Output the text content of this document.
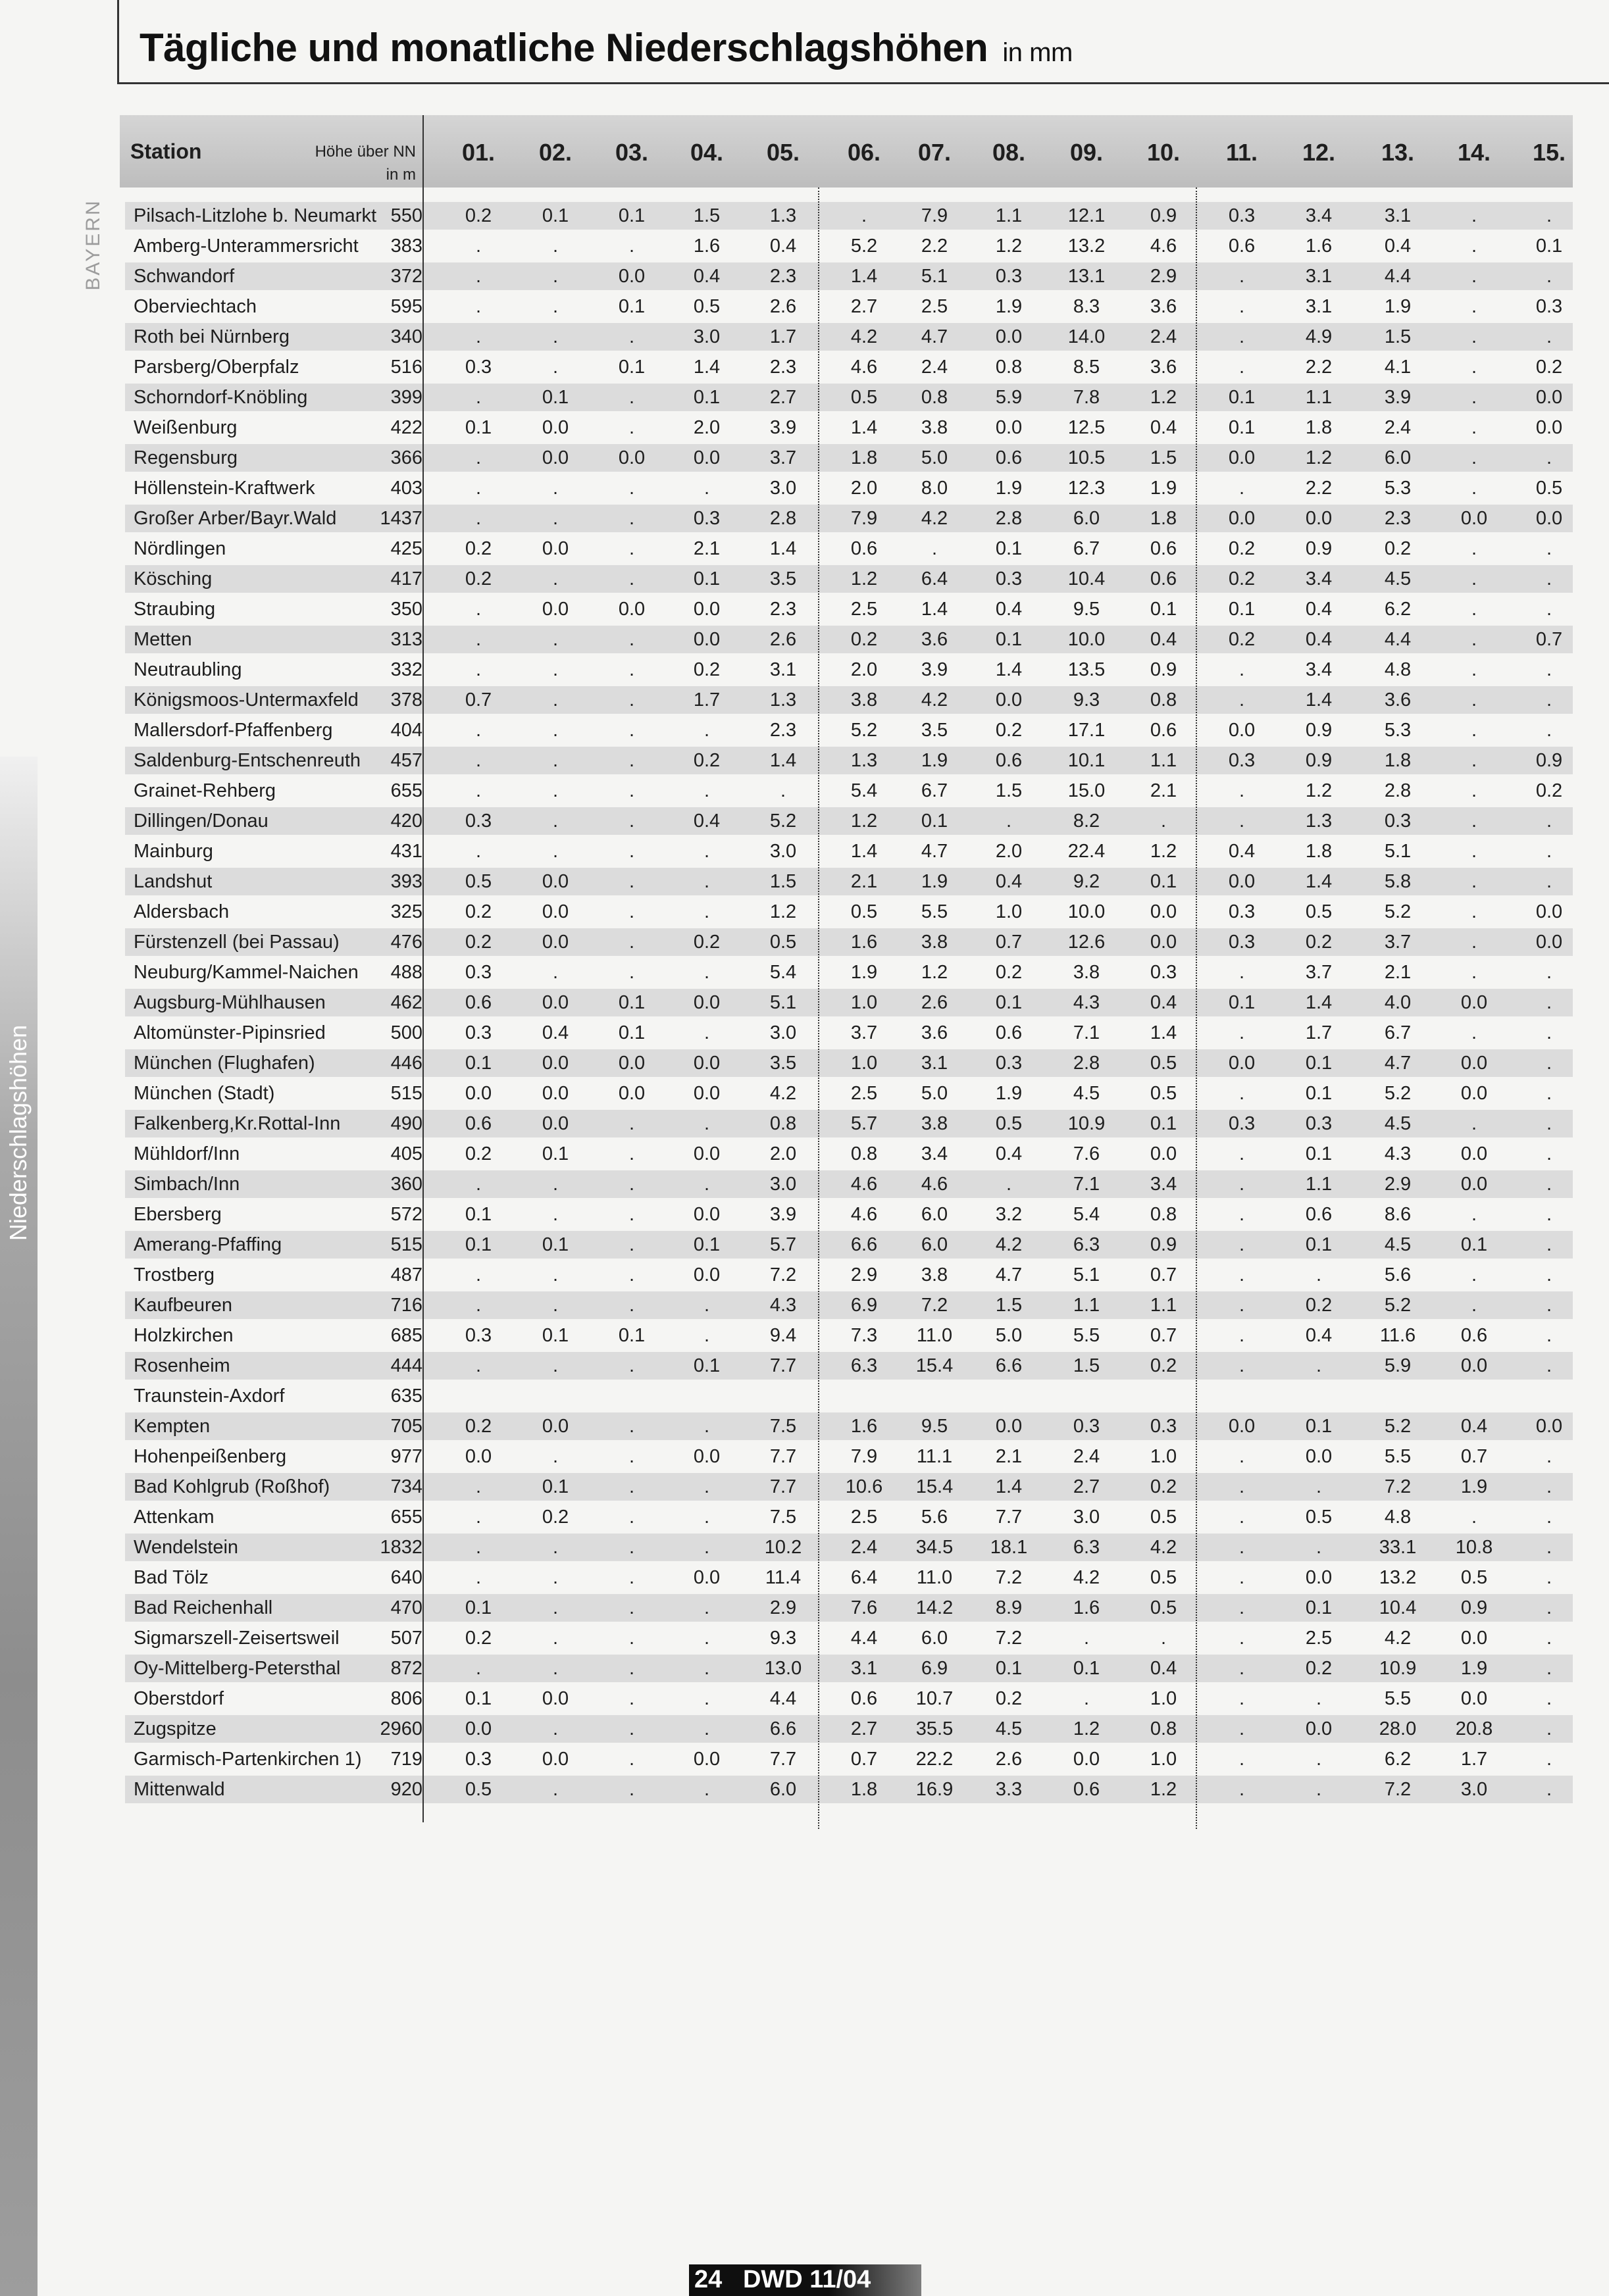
Tägliche und monatliche Niederschlagshöhen in mm
Niederschlagshöhen
BAYERN
Station	Höhe über NN
in m
01.	02.	03.	04.	05.	06.	07.	08.	09.	10.	11.	12.	13.	14.	15.
Pilsach-Litzlohe b. Neumarkt 550	0.2	0.1	0.1	1.5	1.3	.	7.9	1.1	12.1	0.9	0.3	3.4	3.1	.	.
Amberg-Unterammersricht	383	.	.	.	1.6	0.4	5.2	2.2	1.2	13.2	4.6	0.6	1.6	0.4	.	0.1
Schwandorf	372	.	.	0.0	0.4	2.3	1.4	5.1	0.3	13.1	2.9	.	3.1	4.4	.	.
Oberviechtach	595	.	.	0.1	0.5	2.6	2.7	2.5	1.9	8.3	3.6	.	3.1	1.9	.	0.3
Roth bei Nürnberg	340	.	.	.	3.0	1.7	4.2	4.7	0.0	14.0	2.4	.	4.9	1.5	.	.
Parsberg/Oberpfalz	516	0.3	.	0.1	1.4	2.3	4.6	2.4	0.8	8.5	3.6	.	2.2	4.1	.	0.2
Schorndorf-Knöbling	399	.	0.1	.	0.1	2.7	0.5	0.8	5.9	7.8	1.2	0.1	1.1	3.9	.	0.0
Weißenburg	422	0.1	0.0	.	2.0	3.9	1.4	3.8	0.0	12.5	0.4	0.1	1.8	2.4	.	0.0
Regensburg	366	.	0.0	0.0	0.0	3.7	1.8	5.0	0.6	10.5	1.5	0.0	1.2	6.0	.	.
Höllenstein-Kraftwerk	403	.	.	.	.	3.0	2.0	8.0	1.9	12.3	1.9	.	2.2	5.3	.	0.5
Großer Arber/Bayr.Wald	1437	.	.	.	0.3	2.8	7.9	4.2	2.8	6.0	1.8	0.0	0.0	2.3	0.0	0.0
Nördlingen	425	0.2	0.0	.	2.1	1.4	0.6	.	0.1	6.7	0.6	0.2	0.9	0.2	.	.
Kösching	417	0.2	.	.	0.1	3.5	1.2	6.4	0.3	10.4	0.6	0.2	3.4	4.5	.	.
Straubing	350	.	0.0	0.0	0.0	2.3	2.5	1.4	0.4	9.5	0.1	0.1	0.4	6.2	.	.
Metten	313	.	.	.	0.0	2.6	0.2	3.6	0.1	10.0	0.4	0.2	0.4	4.4	.	0.7
Neutraubling	332	.	.	.	0.2	3.1	2.0	3.9	1.4	13.5	0.9	.	3.4	4.8	.	.
Königsmoos-Untermaxfeld	378	0.7	.	.	1.7	1.3	3.8	4.2	0.0	9.3	0.8	.	1.4	3.6	.	.
Mallersdorf-Pfaffenberg	404	.	.	.	.	2.3	5.2	3.5	0.2	17.1	0.6	0.0	0.9	5.3	.	.
Saldenburg-Entschenreuth	457	.	.	.	0.2	1.4	1.3	1.9	0.6	10.1	1.1	0.3	0.9	1.8	.	0.9
Grainet-Rehberg	655	.	.	.	.	.	5.4	6.7	1.5	15.0	2.1	.	1.2	2.8	.	0.2
Dillingen/Donau	420	0.3	.	.	0.4	5.2	1.2	0.1	.	8.2	.	.	1.3	0.3	.	.
Mainburg	431	.	.	.	.	3.0	1.4	4.7	2.0	22.4	1.2	0.4	1.8	5.1	.	.
Landshut	393	0.5	0.0	.	.	1.5	2.1	1.9	0.4	9.2	0.1	0.0	1.4	5.8	.	.
Aldersbach	325	0.2	0.0	.	.	1.2	0.5	5.5	1.0	10.0	0.0	0.3	0.5	5.2	.	0.0
Fürstenzell (bei Passau)	476	0.2	0.0	.	0.2	0.5	1.6	3.8	0.7	12.6	0.0	0.3	0.2	3.7	.	0.0
Neuburg/Kammel-Naichen	488	0.3	.	.	.	5.4	1.9	1.2	0.2	3.8	0.3	.	3.7	2.1	.	.
Augsburg-Mühlhausen	462	0.6	0.0	0.1	0.0	5.1	1.0	2.6	0.1	4.3	0.4	0.1	1.4	4.0	0.0	.
Altomünster-Pipinsried	500	0.3	0.4	0.1	.	3.0	3.7	3.6	0.6	7.1	1.4	.	1.7	6.7	.	.
München (Flughafen)	446	0.1	0.0	0.0	0.0	3.5	1.0	3.1	0.3	2.8	0.5	0.0	0.1	4.7	0.0	.
München (Stadt)	515	0.0	0.0	0.0	0.0	4.2	2.5	5.0	1.9	4.5	0.5	.	0.1	5.2	0.0	.
Falkenberg,Kr.Rottal-Inn	490	0.6	0.0	.	.	0.8	5.7	3.8	0.5	10.9	0.1	0.3	0.3	4.5	.	.
Mühldorf/Inn	405	0.2	0.1	.	0.0	2.0	0.8	3.4	0.4	7.6	0.0	.	0.1	4.3	0.0	.
Simbach/Inn	360	.	.	.	.	3.0	4.6	4.6	.	7.1	3.4	.	1.1	2.9	0.0	.
Ebersberg	572	0.1	.	.	0.0	3.9	4.6	6.0	3.2	5.4	0.8	.	0.6	8.6	.	.
Amerang-Pfaffing	515	0.1	0.1	.	0.1	5.7	6.6	6.0	4.2	6.3	0.9	.	0.1	4.5	0.1	.
Trostberg	487	.	.	.	0.0	7.2	2.9	3.8	4.7	5.1	0.7	.	.	5.6	.	.
Kaufbeuren	716	.	.	.	.	4.3	6.9	7.2	1.5	1.1	1.1	.	0.2	5.2	.	.
Holzkirchen	685	0.3	0.1	0.1	.	9.4	7.3	11.0	5.0	5.5	0.7	.	0.4	11.6	0.6	.
Rosenheim	444	.	.	.	0.1	7.7	6.3	15.4	6.6	1.5	0.2	.	.	5.9	0.0	.
Traunstein-Axdorf	635
Kempten	705	0.2	0.0	.	.	7.5	1.6	9.5	0.0	0.3	0.3	0.0	0.1	5.2	0.4	0.0
Hohenpeißenberg	977	0.0	.	.	0.0	7.7	7.9	11.1	2.1	2.4	1.0	.	0.0	5.5	0.7	.
Bad Kohlgrub (Roßhof)	734	.	0.1	.	.	7.7	10.6	15.4	1.4	2.7	0.2	.	.	7.2	1.9	.
Attenkam	655	.	0.2	.	.	7.5	2.5	5.6	7.7	3.0	0.5	.	0.5	4.8	.	.
Wendelstein	1832	.	.	.	.	10.2	2.4	34.5	18.1	6.3	4.2	.	.	33.1	10.8	.
Bad Tölz	640	.	.	.	0.0	11.4	6.4	11.0	7.2	4.2	0.5	.	0.0	13.2	0.5	.
Bad Reichenhall	470	0.1	.	.	.	2.9	7.6	14.2	8.9	1.6	0.5	.	0.1	10.4	0.9	.
Sigmarszell-Zeisertsweil	507	0.2	.	.	.	9.3	4.4	6.0	7.2	.	.	.	2.5	4.2	0.0	.
Oy-Mittelberg-Petersthal	872	.	.	.	.	13.0	3.1	6.9	0.1	0.1	0.4	.	0.2	10.9	1.9	.
Oberstdorf	806	0.1	0.0	.	.	4.4	0.6	10.7	0.2	.	1.0	.	.	5.5	0.0	.
Zugspitze	2960	0.0	.	.	.	6.6	2.7	35.5	4.5	1.2	0.8	.	0.0	28.0	20.8	.
Garmisch-Partenkirchen 1)	719	0.3	0.0	.	0.0	7.7	0.7	22.2	2.6	0.0	1.0	.	.	6.2	1.7	.
Mittenwald	920	0.5	.	.	.	6.0	1.8	16.9	3.3	0.6	1.2	.	.	7.2	3.0	.
24 DWD 11/04
